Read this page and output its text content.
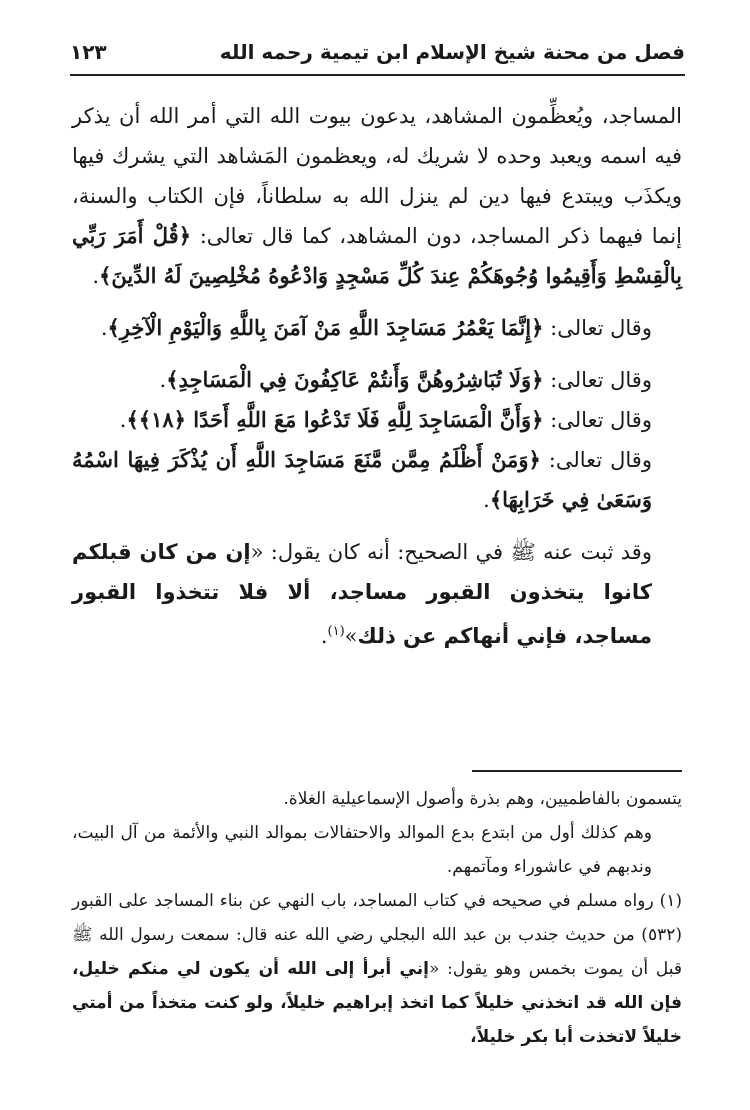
فصل من محنة شيخ الإسلام ابن تيمية رحمه الله
١٢٣

المساجد، ويُعظِّمون المشاهد، يدعون بيوت الله التي أمر الله أن يذكر فيه اسمه ويعبد وحده لا شريك له، ويعظمون المَشاهد التي يشرك فيها ويكذَب ويبتدع فيها دين لم ينزل الله به سلطاناً، فإن الكتاب والسنة، إنما فيهما ذكر المساجد، دون المشاهد، كما قال تعالى: ﴿قُلْ أَمَرَ رَبِّي بِالْقِسْطِ وَأَقِيمُوا وُجُوهَكُمْ عِندَ كُلِّ مَسْجِدٍ وَادْعُوهُ مُخْلِصِينَ لَهُ الدِّينَ﴾.

وقال تعالى: ﴿إِنَّمَا يَعْمُرُ مَسَاجِدَ اللَّهِ مَنْ آمَنَ بِاللَّهِ وَالْيَوْمِ الْآخِرِ﴾.

وقال تعالى: ﴿وَلَا تُبَاشِرُوهُنَّ وَأَنتُمْ عَاكِفُونَ فِي الْمَسَاجِدِ﴾.

وقال تعالى: ﴿وَأَنَّ الْمَسَاجِدَ لِلَّهِ فَلَا تَدْعُوا مَعَ اللَّهِ أَحَدًا ﴿١٨﴾﴾.

وقال تعالى: ﴿وَمَنْ أَظْلَمُ مِمَّن مَّنَعَ مَسَاجِدَ اللَّهِ أَن يُذْكَرَ فِيهَا اسْمُهُ وَسَعَىٰ فِي خَرَابِهَا﴾.

وقد ثبت عنه ﷺ في الصحيح: أنه كان يقول: «إن من كان قبلكم كانوا يتخذون القبور مساجد، ألا فلا تتخذوا القبور مساجد، فإني أنهاكم عن ذلك»$^{(١)}$.

يتسمون بالفاطميين، وهم بذرة وأصول الإسماعيلية الغلاة.

وهم كذلك أول من ابتدع بدع الموالد والاحتفالات بموالد النبي والأئمة من آل البيت، وندبهم في عاشوراء ومآتمهم.

(١) رواه مسلم في صحيحه في كتاب المساجد، باب النهي عن بناء المساجد على القبور (٥٣٢) من حديث جندب بن عبد الله البجلي رضي الله عنه قال: سمعت رسول الله ﷺ قبل أن يموت بخمس وهو يقول: «إني أبرأ إلى الله أن يكون لي منكم خليل، فإن الله قد اتخذني خليلاً كما اتخذ إبراهيم خليلاً، ولو كنت متخذاً من أمتي خليلاً لاتخذت أبا بكر خليلاً،
